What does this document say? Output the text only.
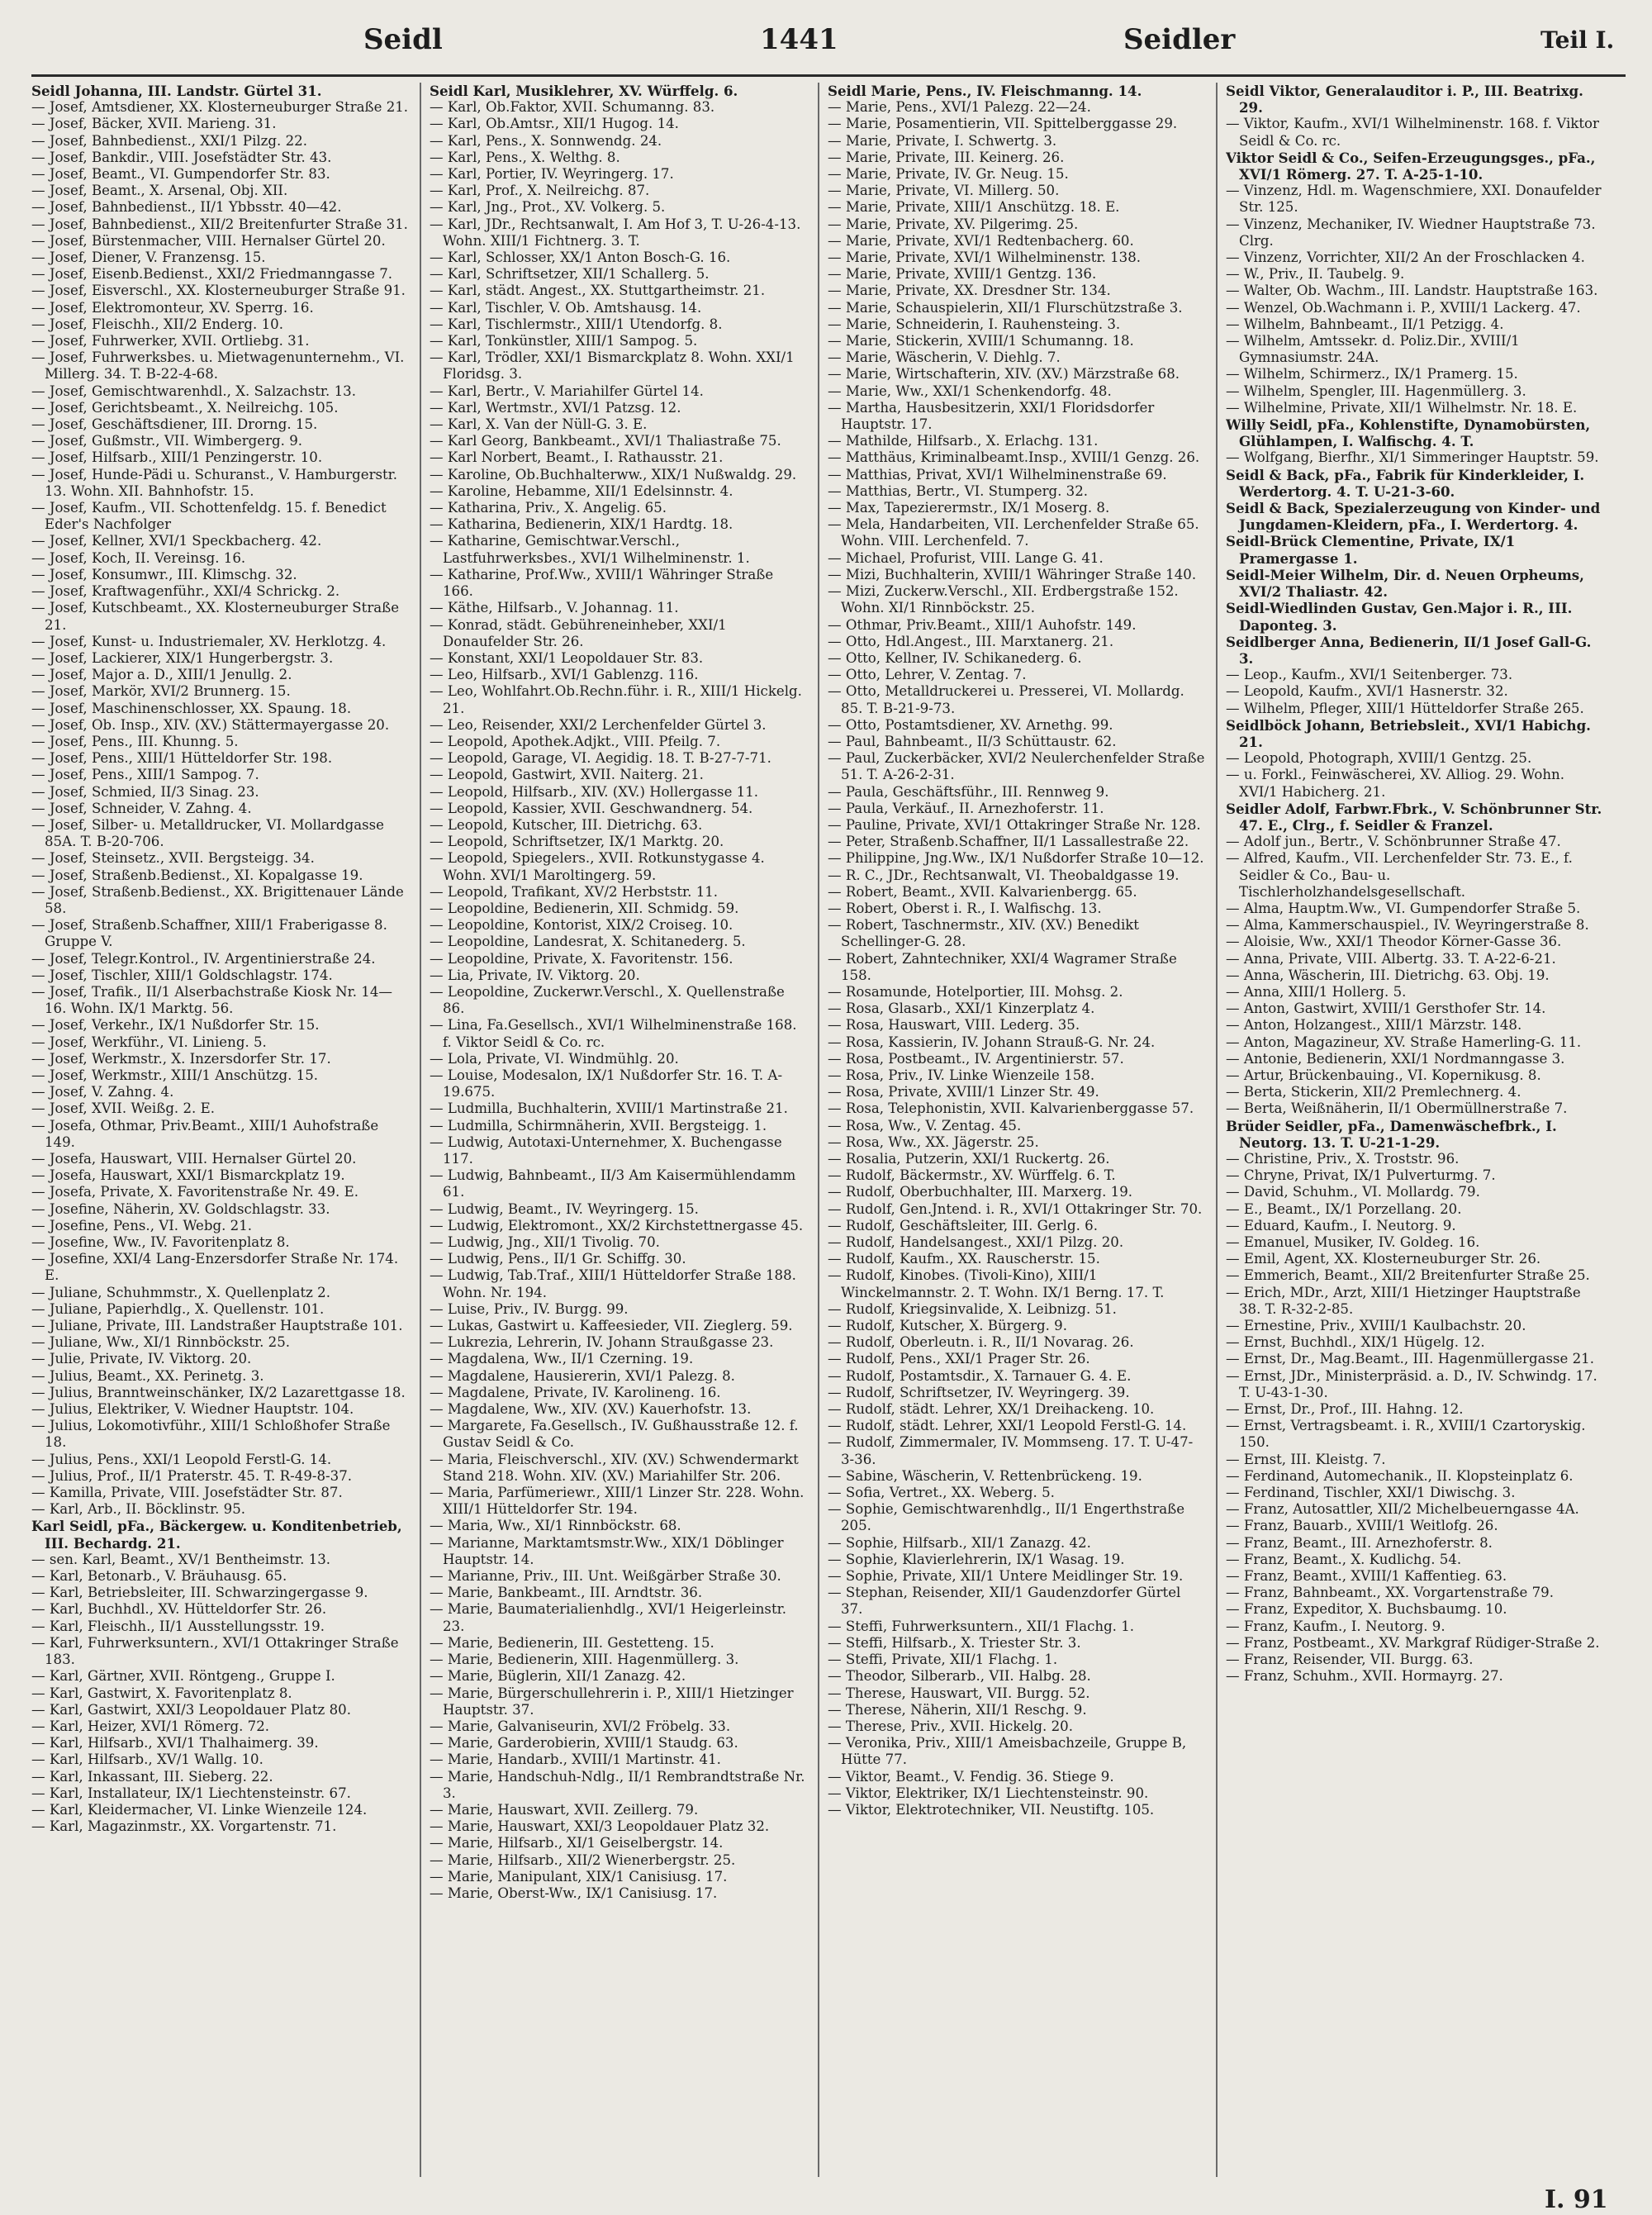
Seidl	1441	Seidler	Teil I.
Seidl Johanna, III. Landstr. Gürtel 31.
— Josef, Amtsdiener, XX. Klosterneuburger Straße 21.
— Josef, Bäcker, XVII. Marieng. 31.
— Josef, Bahnbedienst., XXI/1 Pilzg. 22.
— Josef, Bankdir., VIII. Josefstädter Str. 43.
— Josef, Beamt., VI. Gumpendorfer Str. 83.
— Josef, Beamt., X. Arsenal, Obj. XII.
— Josef, Bahnbedienst., II/1 Ybbsstr. 40—42.
— Josef, Bahnbedienst., XII/2 Breitenfurter Straße 31.
— Josef, Bürstenmacher, VIII. Hernalser Gürtel 20.
— Josef, Diener, V. Franzensg. 15.
— Josef, Eisenb.Bedienst., XXI/2 Friedmanngasse 7.
— Josef, Eisverschl., XX. Klosterneuburger Straße 91.
— Josef, Elektromonteur, XV. Sperrg. 16.
— Josef, Fleischh., XII/2 Enderg. 10.
— Josef, Fuhrwerker, XVII. Ortliebg. 31.
— Josef, Fuhrwerksbes. u. Mietwagenunternehm., VI. Millerg. 34. T. B-22-4-68.
— Josef, Gemischtwarenhdl., X. Salzachstr. 13.
— Josef, Gerichtsbeamt., X. Neilreichg. 105.
— Josef, Geschäftsdiener, III. Drorng. 15.
— Josef, Gußmstr., VII. Wimbergerg. 9.
— Josef, Hilfsarb., XIII/1 Penzingerstr. 10.
— Josef, Hunde-Pädi u. Schuranst., V. Hamburgerstr. 13. Wohn. XII. Bahnhofstr. 15.
— Josef, Kaufm., VII. Schottenfeldg. 15. f. Benedict Eder's Nachfolger
— Josef, Kellner, XVI/1 Speckbacherg. 42.
— Josef, Koch, II. Vereinsg. 16.
— Josef, Konsumwr., III. Klimschg. 32.
— Josef, Kraftwagenführ., XXI/4 Schrickg. 2.
— Josef, Kutschbeamt., XX. Klosterneuburger Straße 21.
— Josef, Kunst- u. Industriemaler, XV. Herklotzg. 4.
— Josef, Lackierer, XIX/1 Hungerbergstr. 3.
— Josef, Major a. D., XIII/1 Jenullg. 2.
— Josef, Markör, XVI/2 Brunnerg. 15.
— Josef, Maschinenschlosser, XX. Spaung. 18.
— Josef, Ob. Insp., XIV. (XV.) Stättermayergasse 20.
— Josef, Pens., III. Khunng. 5.
— Josef, Pens., XIII/1 Hütteldorfer Str. 198.
— Josef, Pens., XIII/1 Sampog. 7.
— Josef, Schmied, II/3 Sinag. 23.
— Josef, Schneider, V. Zahng. 4.
— Josef, Silber- u. Metalldrucker, VI. Mollardgasse 85A. T. B-20-706.
— Josef, Steinsetz., XVII. Bergsteigg. 34.
— Josef, Straßenb.Bedienst., XI. Kopalgasse 19.
— Josef, Straßenb.Bedienst., XX. Brigittenauer Lände 58.
— Josef, Straßenb.Schaffner, XIII/1 Fraberigasse 8. Gruppe V.
— Josef, Telegr.Kontrol., IV. Argentinierstraße 24.
— Josef, Tischler, XIII/1 Goldschlagstr. 174.
— Josef, Trafik., II/1 Alserbachstraße Kiosk Nr. 14—16. Wohn. IX/1 Marktg. 56.
— Josef, Verkehr., IX/1 Nußdorfer Str. 15.
— Josef, Werkführ., VI. Linieng. 5.
— Josef, Werkmstr., X. Inzersdorfer Str. 17.
— Josef, Werkmstr., XIII/1 Anschützg. 15.
— Josef, V. Zahng. 4.
— Josef, XVII. Weißg. 2. E.
— Josefa, Othmar, Priv.Beamt., XIII/1 Auhofstraße 149.
— Josefa, Hauswart, VIII. Hernalser Gürtel 20.
— Josefa, Hauswart, XXI/1 Bismarckplatz 19.
— Josefa, Private, X. Favoritenstraße Nr. 49. E.
— Josefine, Näherin, XV. Goldschlagstr. 33.
— Josefine, Pens., VI. Webg. 21.
— Josefine, Ww., IV. Favoritenplatz 8.
— Josefine, XXI/4 Lang-Enzersdorfer Straße Nr. 174. E.
— Juliane, Schuhmmstr., X. Quellenplatz 2.
— Juliane, Papierhdlg., X. Quellenstr. 101.
— Juliane, Private, III. Landstraßer Hauptstraße 101.
— Juliane, Ww., XI/1 Rinnböckstr. 25.
— Julie, Private, IV. Viktorg. 20.
— Julius, Beamt., XX. Perinetg. 3.
— Julius, Branntweinschänker, IX/2 Lazarettgasse 18.
— Julius, Elektriker, V. Wiedner Hauptstr. 104.
— Julius, Lokomotivführ., XIII/1 Schloßhofer Straße 18.
— Julius, Pens., XXI/1 Leopold Ferstl-G. 14.
— Julius, Prof., II/1 Praterstr. 45. T. R-49-8-37.
— Kamilla, Private, VIII. Josefstädter Str. 87.
— Karl, Arb., II. Böcklinstr. 95.
Karl Seidl, pFa., Bäckergew. u. Konditenbetrieb, III. Bechardg. 21.
— sen. Karl, Beamt., XV/1 Bentheimstr. 13.
— Karl, Betonarb., V. Bräuhausg. 65.
— Karl, Betriebsleiter, III. Schwarzingergasse 9.
— Karl, Buchhdl., XV. Hütteldorfer Str. 26.
— Karl, Fleischh., II/1 Ausstellungsstr. 19.
— Karl, Fuhrwerksuntern., XVI/1 Ottakringer Straße 183.
— Karl, Gärtner, XVII. Röntgeng., Gruppe I.
— Karl, Gastwirt, X. Favoritenplatz 8.
— Karl, Gastwirt, XXI/3 Leopoldauer Platz 80.
— Karl, Heizer, XVI/1 Römerg. 72.
— Karl, Hilfsarb., XVI/1 Thalhaimerg. 39.
— Karl, Hilfsarb., XV/1 Wallg. 10.
— Karl, Inkassant, III. Sieberg. 22.
— Karl, Installateur, IX/1 Liechtensteinstr. 67.
— Karl, Kleidermacher, VI. Linke Wienzeile 124.
— Karl, Magazinmstr., XX. Vorgartenstr. 71.
Seidl Karl, Musiklehrer, XV. Würffelg. 6.
— Karl, Ob.Faktor, XVII. Schumanng. 83.
— Karl, Ob.Amtsr., XII/1 Hugog. 14.
— Karl, Pens., X. Sonnwendg. 24.
— Karl, Pens., X. Welthg. 8.
— Karl, Portier, IV. Weyringerg. 17.
— Karl, Prof., X. Neilreichg. 87.
— Karl, Jng., Prot., XV. Volkerg. 5.
— Karl, JDr., Rechtsanwalt, I. Am Hof 3, T. U-26-4-13. Wohn. XIII/1 Fichtnerg. 3. T.
— Karl, Schlosser, XX/1 Anton Bosch-G. 16.
— Karl, Schriftsetzer, XII/1 Schallerg. 5.
— Karl, städt. Angest., XX. Stuttgartheimstr. 21.
— Karl, Tischler, V. Ob. Amtshausg. 14.
— Karl, Tischlermstr., XIII/1 Utendorfg. 8.
— Karl, Tonkünstler, XIII/1 Sampog. 5.
— Karl, Trödler, XXI/1 Bismarckplatz 8. Wohn. XXI/1 Floridsg. 3.
— Karl, Bertr., V. Mariahilfer Gürtel 14.
— Karl, Wertmstr., XVI/1 Patzsg. 12.
— Karl, X. Van der Nüll-G. 3. E.
— Karl Georg, Bankbeamt., XVI/1 Thaliastraße 75.
— Karl Norbert, Beamt., I. Rathausstr. 21.
— Karoline, Ob.Buchhalterww., XIX/1 Nußwaldg. 29.
— Karoline, Hebamme, XII/1 Edelsinnstr. 4.
— Katharina, Priv., X. Angelig. 65.
— Katharina, Bedienerin, XIX/1 Hardtg. 18.
— Katharine, Gemischtwar.Verschl., Lastfuhrwerksbes., XVI/1 Wilhelminenstr. 1.
— Katharine, Prof.Ww., XVIII/1 Währinger Straße 166.
— Käthe, Hilfsarb., V. Johannag. 11.
— Konrad, städt. Gebühreneinheber, XXI/1 Donaufelder Str. 26.
— Konstant, XXI/1 Leopoldauer Str. 83.
— Leo, Hilfsarb., XVI/1 Gablenzg. 116.
— Leo, Wohlfahrt.Ob.Rechn.führ. i. R., XIII/1 Hickelg. 21.
— Leo, Reisender, XXI/2 Lerchenfelder Gürtel 3.
— Leopold, Apothek.Adjkt., VIII. Pfeilg. 7.
— Leopold, Garage, VI. Aegidig. 18. T. B-27-7-71.
— Leopold, Gastwirt, XVII. Naiterg. 21.
— Leopold, Hilfsarb., XIV. (XV.) Hollergasse 11.
— Leopold, Kassier, XVII. Geschwandnerg. 54.
— Leopold, Kutscher, III. Dietrichg. 63.
— Leopold, Schriftsetzer, IX/1 Marktg. 20.
— Leopold, Spiegelers., XVII. Rotkunstygasse 4. Wohn. XVI/1 Maroltingerg. 59.
— Leopold, Trafikant, XV/2 Herbststr. 11.
— Leopoldine, Bedienerin, XII. Schmidg. 59.
— Leopoldine, Kontorist, XIX/2 Croiseg. 10.
— Leopoldine, Landesrat, X. Schitanederg. 5.
— Leopoldine, Private, X. Favoritenstr. 156.
— Lia, Private, IV. Viktorg. 20.
— Leopoldine, Zuckerwr.Verschl., X. Quellenstraße 86.
— Lina, Fa.Gesellsch., XVI/1 Wilhelminenstraße 168. f. Viktor Seidl & Co. rc.
— Lola, Private, VI. Windmühlg. 20.
— Louise, Modesalon, IX/1 Nußdorfer Str. 16. T. A-19.675.
— Ludmilla, Buchhalterin, XVIII/1 Martinstraße 21.
— Ludmilla, Schirmnäherin, XVII. Bergsteigg. 1.
— Ludwig, Autotaxi-Unternehmer, X. Buchengasse 117.
— Ludwig, Bahnbeamt., II/3 Am Kaisermühlendamm 61.
— Ludwig, Beamt., IV. Weyringerg. 15.
— Ludwig, Elektromont., XX/2 Kirchstettnergasse 45.
— Ludwig, Jng., XII/1 Tivolig. 70.
— Ludwig, Pens., II/1 Gr. Schiffg. 30.
— Ludwig, Tab.Traf., XIII/1 Hütteldorfer Straße 188. Wohn. Nr. 194.
— Luise, Priv., IV. Burgg. 99.
— Lukas, Gastwirt u. Kaffeesieder, VII. Zieglerg. 59.
— Lukrezia, Lehrerin, IV. Johann Straußgasse 23.
— Magdalena, Ww., II/1 Czerning. 19.
— Magdalene, Hausiererin, XVI/1 Palezg. 8.
— Magdalene, Private, IV. Karolineng. 16.
— Magdalene, Ww., XIV. (XV.) Kauerhofstr. 13.
— Margarete, Fa.Gesellsch., IV. Gußhausstraße 12. f. Gustav Seidl & Co.
— Maria, Fleischverschl., XIV. (XV.) Schwendermarkt Stand 218. Wohn. XIV. (XV.) Mariahilfer Str. 206.
— Maria, Parfümeriewr., XIII/1 Linzer Str. 228. Wohn. XIII/1 Hütteldorfer Str. 194.
— Maria, Ww., XI/1 Rinnböckstr. 68.
— Marianne, Marktamtsmstr.Ww., XIX/1 Döblinger Hauptstr. 14.
— Marianne, Priv., III. Unt. Weißgärber Straße 30.
— Marie, Bankbeamt., III. Arndtstr. 36.
— Marie, Baumaterialienhdlg., XVI/1 Heigerleinstr. 23.
— Marie, Bedienerin, III. Gestetteng. 15.
— Marie, Bedienerin, XIII. Hagenmüllerg. 3.
— Marie, Büglerin, XII/1 Zanazg. 42.
— Marie, Bürgerschullehrerin i. P., XIII/1 Hietzinger Hauptstr. 37.
— Marie, Galvaniseurin, XVI/2 Fröbelg. 33.
— Marie, Garderobierin, XVIII/1 Staudg. 63.
— Marie, Handarb., XVIII/1 Martinstr. 41.
— Marie, Handschuh-Ndlg., II/1 Rembrandtstraße Nr. 3.
— Marie, Hauswart, XVII. Zeillerg. 79.
— Marie, Hauswart, XXI/3 Leopoldauer Platz 32.
— Marie, Hilfsarb., XI/1 Geiselbergstr. 14.
— Marie, Hilfsarb., XII/2 Wienerbergstr. 25.
— Marie, Manipulant, XIX/1 Canisiusg. 17.
— Marie, Oberst-Ww., IX/1 Canisiusg. 17.
Seidl Marie, Pens., IV. Fleischmanng. 14.
— Marie, Pens., XVI/1 Palezg. 22—24.
— Marie, Posamentierin, VII. Spittelberggasse 29.
— Marie, Private, I. Schwertg. 3.
— Marie, Private, III. Keinerg. 26.
— Marie, Private, IV. Gr. Neug. 15.
— Marie, Private, VI. Millerg. 50.
— Marie, Private, XIII/1 Anschützg. 18. E.
— Marie, Private, XV. Pilgerimg. 25.
— Marie, Private, XVI/1 Redtenbacherg. 60.
— Marie, Private, XVI/1 Wilhelminenstr. 138.
— Marie, Private, XVIII/1 Gentzg. 136.
— Marie, Private, XX. Dresdner Str. 134.
— Marie, Schauspielerin, XII/1 Flurschützstraße 3.
— Marie, Schneiderin, I. Rauhensteing. 3.
— Marie, Stickerin, XVIII/1 Schumanng. 18.
— Marie, Wäscherin, V. Diehlg. 7.
— Marie, Wirtschafterin, XIV. (XV.) Märzstraße 68.
— Marie, Ww., XXI/1 Schenkendorfg. 48.
— Martha, Hausbesitzerin, XXI/1 Floridsdorfer Hauptstr. 17.
— Mathilde, Hilfsarb., X. Erlachg. 131.
— Matthäus, Kriminalbeamt.Insp., XVIII/1 Genzg. 26.
— Matthias, Privat, XVI/1 Wilhelminenstraße 69.
— Matthias, Bertr., VI. Stumperg. 32.
— Max, Tapezierermstr., IX/1 Moserg. 8.
— Mela, Handarbeiten, VII. Lerchenfelder Straße 65. Wohn. VIII. Lerchenfeld. 7.
— Michael, Profurist, VIII. Lange G. 41.
— Mizi, Buchhalterin, XVIII/1 Währinger Straße 140.
— Mizi, Zuckerw.Verschl., XII. Erdbergstraße 152. Wohn. XI/1 Rinnböckstr. 25.
— Othmar, Priv.Beamt., XIII/1 Auhofstr. 149.
— Otto, Hdl.Angest., III. Marxtanerg. 21.
— Otto, Kellner, IV. Schikanederg. 6.
— Otto, Lehrer, V. Zentag. 7.
— Otto, Metalldruckerei u. Presserei, VI. Mollardg. 85. T. B-21-9-73.
— Otto, Postamtsdiener, XV. Arnethg. 99.
— Paul, Bahnbeamt., II/3 Schüttaustr. 62.
— Paul, Zuckerbäcker, XVI/2 Neulerchenfelder Straße 51. T. A-26-2-31.
— Paula, Geschäftsführ., III. Rennweg 9.
— Paula, Verkäuf., II. Arnezhoferstr. 11.
— Pauline, Private, XVI/1 Ottakringer Straße Nr. 128.
— Peter, Straßenb.Schaffner, II/1 Lassallestraße 22.
— Philippine, Jng.Ww., IX/1 Nußdorfer Straße 10—12.
— R. C., JDr., Rechtsanwalt, VI. Theobaldgasse 19.
— Robert, Beamt., XVII. Kalvarienbergg. 65.
— Robert, Oberst i. R., I. Walfischg. 13.
— Robert, Taschnermstr., XIV. (XV.) Benedikt Schellinger-G. 28.
— Robert, Zahntechniker, XXI/4 Wagramer Straße 158.
— Rosamunde, Hotelportier, III. Mohsg. 2.
— Rosa, Glasarb., XXI/1 Kinzerplatz 4.
— Rosa, Hauswart, VIII. Lederg. 35.
— Rosa, Kassierin, IV. Johann Strauß-G. Nr. 24.
— Rosa, Postbeamt., IV. Argentinierstr. 57.
— Rosa, Priv., IV. Linke Wienzeile 158.
— Rosa, Private, XVIII/1 Linzer Str. 49.
— Rosa, Telephonistin, XVII. Kalvarienberggasse 57.
— Rosa, Ww., V. Zentag. 45.
— Rosa, Ww., XX. Jägerstr. 25.
— Rosalia, Putzerin, XXI/1 Ruckertg. 26.
— Rudolf, Bäckermstr., XV. Würffelg. 6. T.
— Rudolf, Oberbuchhalter, III. Marxerg. 19.
— Rudolf, Gen.Jntend. i. R., XVI/1 Ottakringer Str. 70.
— Rudolf, Geschäftsleiter, III. Gerlg. 6.
— Rudolf, Handelsangest., XXI/1 Pilzg. 20.
— Rudolf, Kaufm., XX. Rauscherstr. 15.
— Rudolf, Kinobes. (Tivoli-Kino), XIII/1 Winckelmannstr. 2. T. Wohn. IX/1 Berng. 17. T.
— Rudolf, Kriegsinvalide, X. Leibnizg. 51.
— Rudolf, Kutscher, X. Bürgerg. 9.
— Rudolf, Oberleutn. i. R., II/1 Novarag. 26.
— Rudolf, Pens., XXI/1 Prager Str. 26.
— Rudolf, Postamtsdir., X. Tarnauer G. 4. E.
— Rudolf, Schriftsetzer, IV. Weyringerg. 39.
— Rudolf, städt. Lehrer, XX/1 Dreihackeng. 10.
— Rudolf, städt. Lehrer, XXI/1 Leopold Ferstl-G. 14.
— Rudolf, Zimmermaler, IV. Mommseng. 17. T. U-47-3-36.
— Sabine, Wäscherin, V. Rettenbrückeng. 19.
— Sofia, Vertret., XX. Weberg. 5.
— Sophie, Gemischtwarenhdlg., II/1 Engerthstraße 205.
— Sophie, Hilfsarb., XII/1 Zanazg. 42.
— Sophie, Klavierlehrerin, IX/1 Wasag. 19.
— Sophie, Private, XII/1 Untere Meidlinger Str. 19.
— Stephan, Reisender, XII/1 Gaudenzdorfer Gürtel 37.
— Steffi, Fuhrwerksuntern., XII/1 Flachg. 1.
— Steffi, Hilfsarb., X. Triester Str. 3.
— Steffi, Private, XII/1 Flachg. 1.
— Theodor, Silberarb., VII. Halbg. 28.
— Therese, Hauswart, VII. Burgg. 52.
— Therese, Näherin, XII/1 Reschg. 9.
— Therese, Priv., XVII. Hickelg. 20.
— Veronika, Priv., XIII/1 Ameisbachzeile, Gruppe B, Hütte 77.
— Viktor, Beamt., V. Fendig. 36. Stiege 9.
— Viktor, Elektriker, IX/1 Liechtensteinstr. 90.
— Viktor, Elektrotechniker, VII. Neustiftg. 105.
Seidl Viktor, Generalauditor i. P., III. Beatrixg. 29.
— Viktor, Kaufm., XVI/1 Wilhelminenstr. 168. f. Viktor Seidl & Co. rc.
Viktor Seidl & Co., Seifen-Erzeugungsges., pFa., XVI/1 Römerg. 27. T. A-25-1-10.
— Vinzenz, Hdl. m. Wagenschmiere, XXI. Donaufelder Str. 125.
— Vinzenz, Mechaniker, IV. Wiedner Hauptstraße 73. Clrg.
— Vinzenz, Vorrichter, XII/2 An der Froschlacken 4.
— W., Priv., II. Taubelg. 9.
— Walter, Ob. Wachm., III. Landstr. Hauptstraße 163.
— Wenzel, Ob.Wachmann i. P., XVIII/1 Lackerg. 47.
— Wilhelm, Bahnbeamt., II/1 Petzigg. 4.
— Wilhelm, Amtssekr. d. Poliz.Dir., XVIII/1 Gymnasiumstr. 24A.
— Wilhelm, Schirmerz., IX/1 Pramerg. 15.
— Wilhelm, Spengler, III. Hagenmüllerg. 3.
— Wilhelmine, Private, XII/1 Wilhelmstr. Nr. 18. E.
Willy Seidl, pFa., Kohlenstifte, Dynamobürsten, Glühlampen, I. Walfischg. 4. T.
— Wolfgang, Bierfhr., XI/1 Simmeringer Hauptstr. 59.
Seidl & Back, pFa., Fabrik für Kinderkleider, I. Werdertorg. 4. T. U-21-3-60.
Seidl & Back, Spezialerzeugung von Kinder- und Jungdamen-Kleidern, pFa., I. Werdertorg. 4.
Seidl-Brück Clementine, Private, IX/1 Pramergasse 1.
Seidl-Meier Wilhelm, Dir. d. Neuen Orpheums, XVI/2 Thaliastr. 42.
Seidl-Wiedlinden Gustav, Gen.Major i. R., III. Daponteg. 3.
Seidlberger Anna, Bedienerin, II/1 Josef Gall-G. 3.
— Leop., Kaufm., XVI/1 Seitenberger. 73.
— Leopold, Kaufm., XVI/1 Hasnerstr. 32.
— Wilhelm, Pfleger, XIII/1 Hütteldorfer Straße 265.
Seidlböck Johann, Betriebsleit., XVI/1 Habichg. 21.
— Leopold, Photograph, XVIII/1 Gentzg. 25.
— u. Forkl., Feinwäscherei, XV. Alliog. 29. Wohn. XVI/1 Habicherg. 21.
Seidler Adolf, Farbwr.Fbrk., V. Schönbrunner Str. 47. E., Clrg., f. Seidler & Franzel.
— Adolf jun., Bertr., V. Schönbrunner Straße 47.
— Alfred, Kaufm., VII. Lerchenfelder Str. 73. E., f. Seidler & Co., Bau- u. Tischlerholzhandelsgesellschaft.
— Alma, Hauptm.Ww., VI. Gumpendorfer Straße 5.
— Alma, Kammerschauspiel., IV. Weyringerstraße 8.
— Aloisie, Ww., XXI/1 Theodor Körner-Gasse 36.
— Anna, Private, VIII. Albertg. 33. T. A-22-6-21.
— Anna, Wäscherin, III. Dietrichg. 63. Obj. 19.
— Anna, XIII/1 Hollerg. 5.
— Anton, Gastwirt, XVIII/1 Gersthofer Str. 14.
— Anton, Holzangest., XIII/1 Märzstr. 148.
— Anton, Magazineur, XV. Straße Hamerling-G. 11.
— Antonie, Bedienerin, XXI/1 Nordmanngasse 3.
— Artur, Brückenbauing., VI. Kopernikusg. 8.
— Berta, Stickerin, XII/2 Premlechnerg. 4.
— Berta, Weißnäherin, II/1 Obermüllnerstraße 7.
Brüder Seidler, pFa., Damenwäschefbrk., I. Neutorg. 13. T. U-21-1-29.
— Christine, Priv., X. Troststr. 96.
— Chryne, Privat, IX/1 Pulverturmg. 7.
— David, Schuhm., VI. Mollardg. 79.
— E., Beamt., IX/1 Porzellang. 20.
— Eduard, Kaufm., I. Neutorg. 9.
— Emanuel, Musiker, IV. Goldeg. 16.
— Emil, Agent, XX. Klosterneuburger Str. 26.
— Emmerich, Beamt., XII/2 Breitenfurter Straße 25.
— Erich, MDr., Arzt, XIII/1 Hietzinger Hauptstraße 38. T. R-32-2-85.
— Ernestine, Priv., XVIII/1 Kaulbachstr. 20.
— Ernst, Buchhdl., XIX/1 Hügelg. 12.
— Ernst, Dr., Mag.Beamt., III. Hagenmüllergasse 21.
— Ernst, JDr., Ministerpräsid. a. D., IV. Schwindg. 17. T. U-43-1-30.
— Ernst, Dr., Prof., III. Hahng. 12.
— Ernst, Vertragsbeamt. i. R., XVIII/1 Czartoryskig. 150.
— Ernst, III. Kleistg. 7.
— Ferdinand, Automechanik., II. Klopsteinplatz 6.
— Ferdinand, Tischler, XXI/1 Diwischg. 3.
— Franz, Autosattler, XII/2 Michelbeuerngasse 4A.
— Franz, Bauarb., XVIII/1 Weitlofg. 26.
— Franz, Beamt., III. Arnezhoferstr. 8.
— Franz, Beamt., X. Kudlichg. 54.
— Franz, Beamt., XVIII/1 Kaffentieg. 63.
— Franz, Bahnbeamt., XX. Vorgartenstraße 79.
— Franz, Expeditor, X. Buchsbaumg. 10.
— Franz, Kaufm., I. Neutorg. 9.
— Franz, Postbeamt., XV. Markgraf Rüdiger-Straße 2.
— Franz, Reisender, VII. Burgg. 63.
— Franz, Schuhm., XVII. Hormayrg. 27.
I. 91
